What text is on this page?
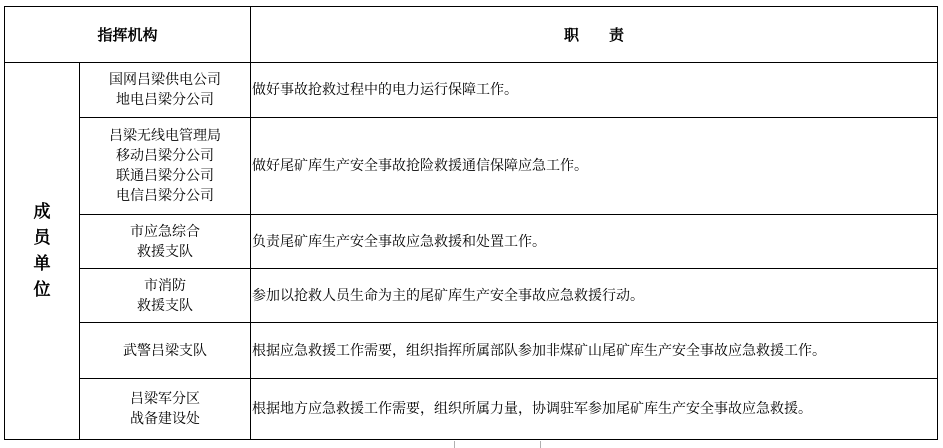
指挥机构		职　　责

成
员
单
位	国网吕梁供电公司
地电吕梁分公司	做好事故抢救过程中的电力运行保障工作。

	吕梁无线电管理局
移动吕梁分公司
联通吕梁分公司
电信吕梁分公司	做好尾矿库生产安全事故抢险救援通信保障应急工作。

	市应急综合
救援支队	负责尾矿库生产安全事故应急救援和处置工作。

	市消防
救援支队	参加以抢救人员生命为主的尾矿库生产安全事故应急救援行动。

	武警吕梁支队	根据应急救援工作需要，组织指挥所属部队参加非煤矿山尾矿库生产安全事故应急救援工作。

	吕梁军分区
战备建设处	根据地方应急救援工作需要，组织所属力量，协调驻军参加尾矿库生产安全事故应急救援。
